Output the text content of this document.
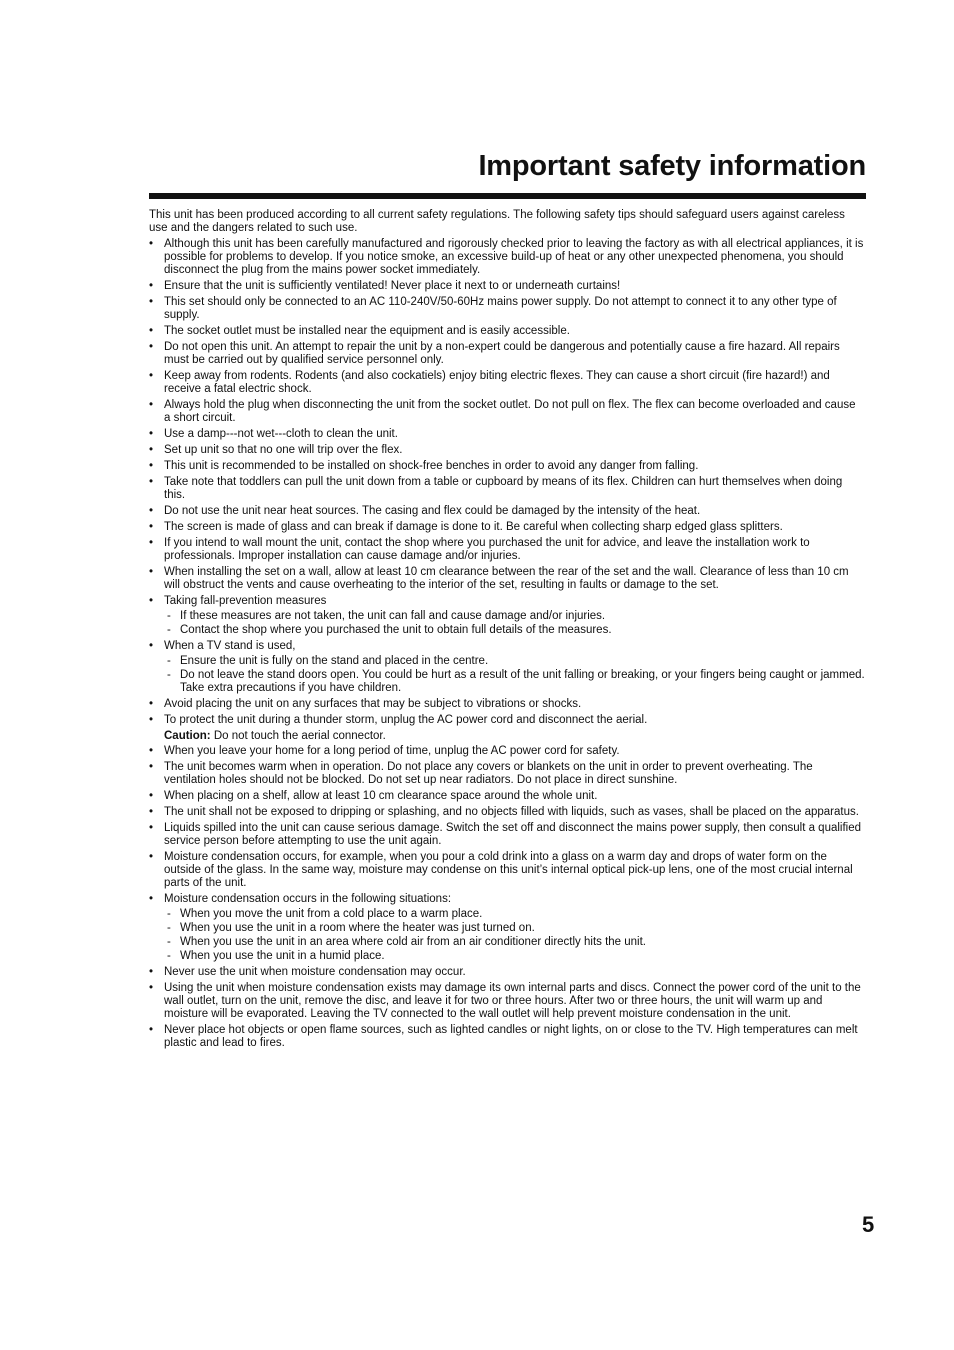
Important safety information

This unit has been produced according to all current safety regulations. The following safety tips should safeguard users against careless use and the dangers related to such use.

• Although this unit has been carefully manufactured and rigorously checked prior to leaving the factory as with all electrical appliances, it is possible for problems to develop. If you notice smoke, an excessive build-up of heat or any other unexpected phenomena, you should disconnect the plug from the mains power socket immediately.
• Ensure that the unit is sufficiently ventilated! Never place it next to or underneath curtains!
• This set should only be connected to an AC 110-240V/50-60Hz mains power supply. Do not attempt to connect it to any other type of supply.
• The socket outlet must be installed near the equipment and is easily accessible.
• Do not open this unit. An attempt to repair the unit by a non-expert could be dangerous and potentially cause a fire hazard. All repairs must be carried out by qualified service personnel only.
• Keep away from rodents. Rodents (and also cockatiels) enjoy biting electric flexes. They can cause a short circuit (fire hazard!) and receive a fatal electric shock.
• Always hold the plug when disconnecting the unit from the socket outlet. Do not pull on flex. The flex can become overloaded and cause a short circuit.
• Use a damp---not wet---cloth to clean the unit.
• Set up unit so that no one will trip over the flex.
• This unit is recommended to be installed on shock-free benches in order to avoid any danger from falling.
• Take note that toddlers can pull the unit down from a table or cupboard by means of its flex. Children can hurt themselves when doing this.
• Do not use the unit near heat sources. The casing and flex could be damaged by the intensity of the heat.
• The screen is made of glass and can break if damage is done to it. Be careful when collecting sharp edged glass splitters.
• If you intend to wall mount the unit, contact the shop where you purchased the unit for advice, and leave the installation work to professionals. Improper installation can cause damage and/or injuries.
• When installing the set on a wall, allow at least 10 cm clearance between the rear of the set and the wall. Clearance of less than 10 cm will obstruct the vents and cause overheating to the interior of the set, resulting in faults or damage to the set.
• Taking fall-prevention measures
- If these measures are not taken, the unit can fall and cause damage and/or injuries.
- Contact the shop where you purchased the unit to obtain full details of the measures.
• When a TV stand is used,
- Ensure the unit is fully on the stand and placed in the centre.
- Do not leave the stand doors open. You could be hurt as a result of the unit falling or breaking, or your fingers being caught or jammed. Take extra precautions if you have children.
• Avoid placing the unit on any surfaces that may be subject to vibrations or shocks.
• To protect the unit during a thunder storm, unplug the AC power cord and disconnect the aerial.
Caution: Do not touch the aerial connector.
• When you leave your home for a long period of time, unplug the AC power cord for safety.
• The unit becomes warm when in operation. Do not place any covers or blankets on the unit in order to prevent overheating. The ventilation holes should not be blocked. Do not set up near radiators. Do not place in direct sunshine.
• When placing on a shelf, allow at least 10 cm clearance space around the whole unit.
• The unit shall not be exposed to dripping or splashing, and no objects filled with liquids, such as vases, shall be placed on the apparatus.
• Liquids spilled into the unit can cause serious damage. Switch the set off and disconnect the mains power supply, then consult a qualified service person before attempting to use the unit again.
• Moisture condensation occurs, for example, when you pour a cold drink into a glass on a warm day and drops of water form on the outside of the glass. In the same way, moisture may condense on this unit’s internal optical pick-up lens, one of the most crucial internal parts of the unit.
• Moisture condensation occurs in the following situations:
- When you move the unit from a cold place to a warm place.
- When you use the unit in a room where the heater was just turned on.
- When you use the unit in an area where cold air from an air conditioner directly hits the unit.
- When you use the unit in a humid place.
• Never use the unit when moisture condensation may occur.
• Using the unit when moisture condensation exists may damage its own internal parts and discs. Connect the power cord of the unit to the wall outlet, turn on the unit, remove the disc, and leave it for two or three hours. After two or three hours, the unit will warm up and moisture will be evaporated. Leaving the TV connected to the wall outlet will help prevent moisture condensation in the unit.
• Never place hot objects or open flame sources, such as lighted candles or night lights, on or close to the TV. High temperatures can melt plastic and lead to fires.
5
